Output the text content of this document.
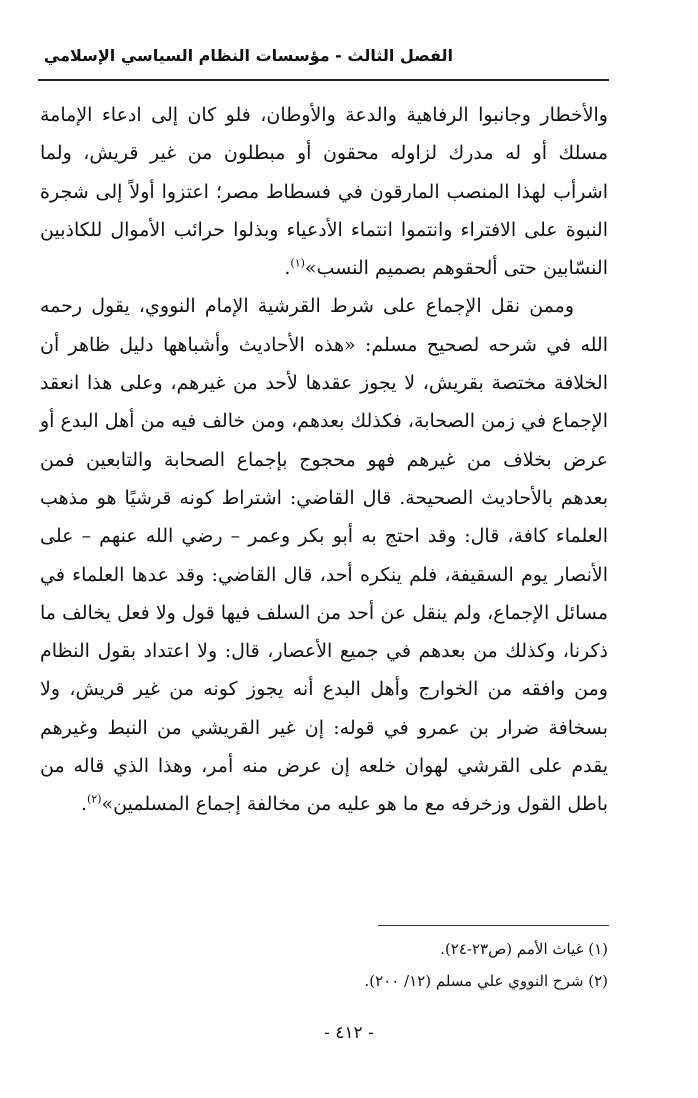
الفصل الثالث - مؤسسات النظام السياسي الإسلامي

والأخطار وجانبوا الرفاهية والدعة والأوطان، فلو كان إلى ادعاء الإمامة مسلك أو له مدرك لزاوله محقون أو مبطلون من غير قريش، ولما اشرأب لهذا المنصب المارقون في فسطاط مصر؛ اعتزوا أولاً إلى شجرة النبوة على الافتراء وانتموا انتماء الأدعياء وبذلوا حرائب الأموال للكاذبين النسّابين حتى ألحقوهم بصميم النسب»$^{(١)}$.

وممن نقل الإجماع على شرط القرشية الإمام النووي، يقول رحمه الله في شرحه لصحيح مسلم: «هذه الأحاديث وأشباهها دليل ظاهر أن الخلافة مختصة بقريش، لا يجوز عقدها لأحد من غيرهم، وعلى هذا انعقد الإجماع في زمن الصحابة، فكذلك بعدهم، ومن خالف فيه من أهل البدع أو عرض بخلاف من غيرهم فهو محجوج بإجماع الصحابة والتابعين فمن بعدهم بالأحاديث الصحيحة. قال القاضي: اشتراط كونه قرشيًا هو مذهب العلماء كافة، قال: وقد احتج به أبو بكر وعمر – رضي الله عنهم – على الأنصار يوم السقيفة، فلم ينكره أحد، قال القاضي: وقد عدها العلماء في مسائل الإجماع، ولم ينقل عن أحد من السلف فيها قول ولا فعل يخالف ما ذكرنا، وكذلك من بعدهم في جميع الأعصار، قال: ولا اعتداد بقول النظام ومن وافقه من الخوارج وأهل البدع أنه يجوز كونه من غير قريش، ولا بسخافة ضرار بن عمرو في قوله: إن غير القريشي من النبط وغيرهم يقدم على القرشي لهوان خلعه إن عرض منه أمر، وهذا الذي قاله من باطل القول وزخرفه مع ما هو عليه من مخالفة إجماع المسلمين»$^{(٢)}$.

(١) غياث الأمم (ص٢٣-٢٤).
(٢) شرح النووي علي مسلم (١٢/ ٢٠٠).
- ٤١٢ -
